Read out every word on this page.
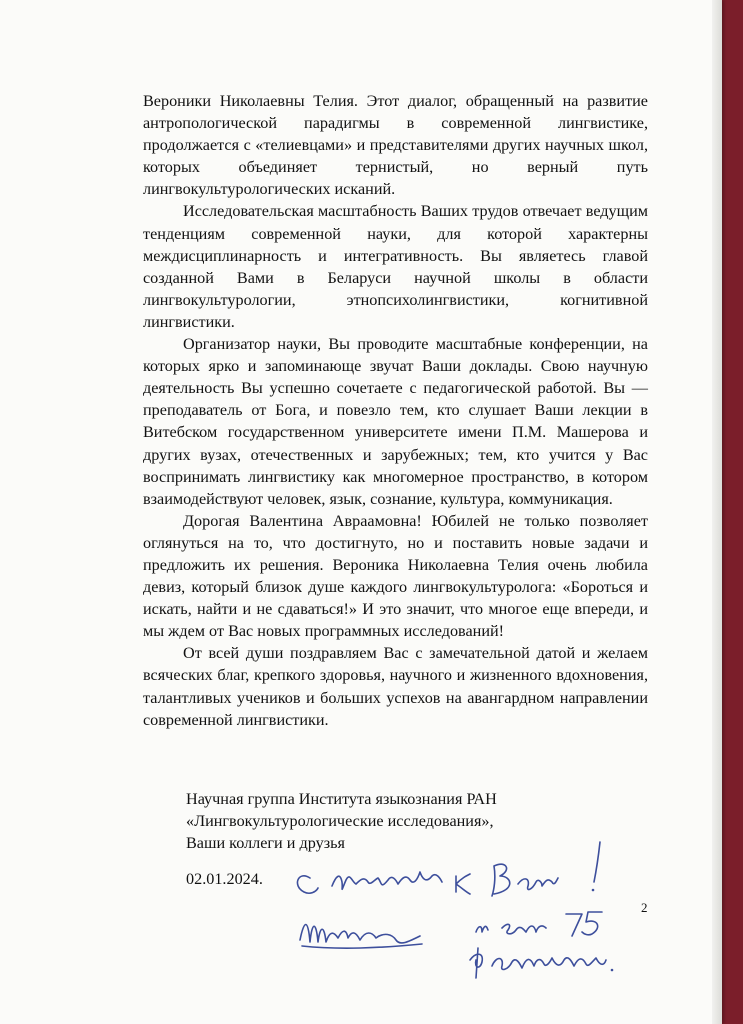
Вероники Николаевны Телия. Этот диалог, обращенный на развитие антропологической парадигмы в современной лингвистике, продолжается с «телиевцами» и представителями других научных школ, которых объединяет тернистый, но верный путь лингвокультурологических исканий.

Исследовательская масштабность Ваших трудов отвечает ведущим тенденциям современной науки, для которой характерны междисциплинарность и интегративность. Вы являетесь главой созданной Вами в Беларуси научной школы в области лингвокультурологии, этнопсихолингвистики, когнитивной лингвистики.

Организатор науки, Вы проводите масштабные конференции, на которых ярко и запоминающе звучат Ваши доклады. Свою научную деятельность Вы успешно сочетаете с педагогической работой. Вы — преподаватель от Бога, и повезло тем, кто слушает Ваши лекции в Витебском государственном университете имени П.М. Машерова и других вузах, отечественных и зарубежных; тем, кто учится у Вас воспринимать лингвистику как многомерное пространство, в котором взаимодействуют человек, язык, сознание, культура, коммуникация.

Дорогая Валентина Авраамовна! Юбилей не только позволяет оглянуться на то, что достигнуто, но и поставить новые задачи и предложить их решения. Вероника Николаевна Телия очень любила девиз, который близок душе каждого лингвокультуролога: «Бороться и искать, найти и не сдаваться!» И это значит, что многое еще впереди, и мы ждем от Вас новых программных исследований!

От всей души поздравляем Вас с замечательной датой и желаем всяческих благ, крепкого здоровья, научного и жизненного вдохновения, талантливых учеников и больших успехов на авангардном направлении современной лингвистики.

Научная группа Института языкознания РАН
«Лингвокультурологические исследования»,
Ваши коллеги и друзья
02.01.2024.
2
